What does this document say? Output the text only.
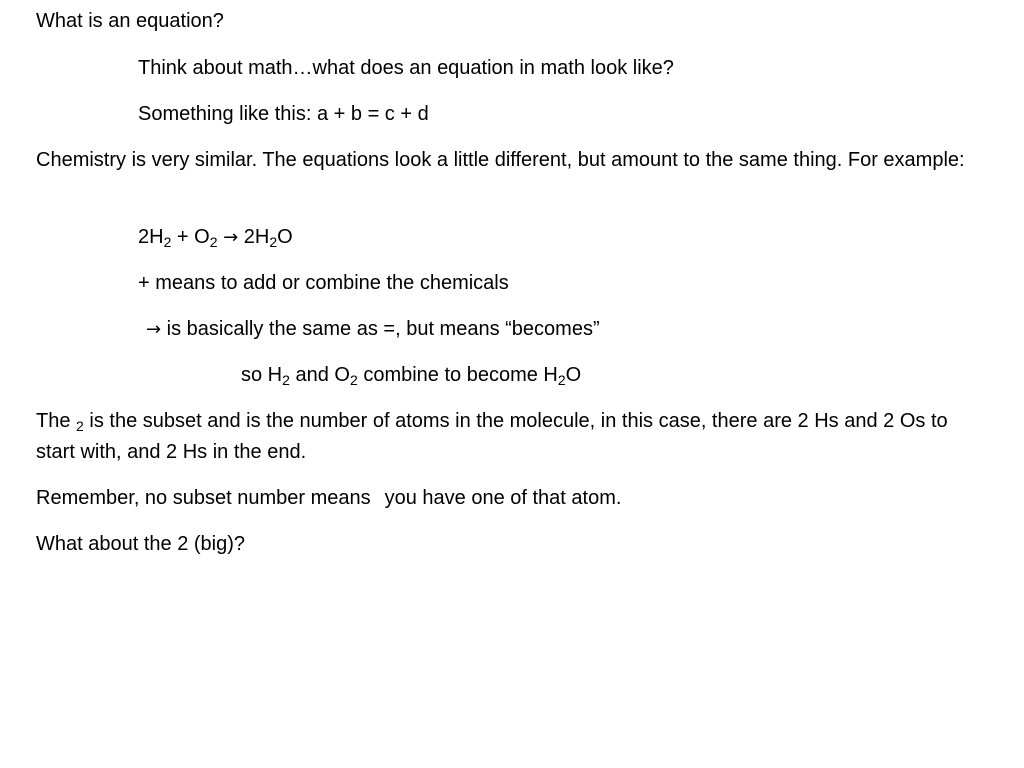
What is an equation?

Think about math…what does an equation in math look like?

Something like this: a + b = c + d

Chemistry is very similar. The equations look a little different, but amount to the same thing. For example:

$2H_2 + O_2 \to 2H_2O$

+ means to add or combine the chemicals

→ is basically the same as =, but means “becomes”

so $H_2$ and $O_2$ combine to become $H_2O$

The $_2$ is the subset and is the number of atoms in the molecule, in this case, there are 2 Hs and 2 Os to start with, and 2 Hs in the end.

Remember, no subset number means you have one of that atom.

What about the 2 (big)?
